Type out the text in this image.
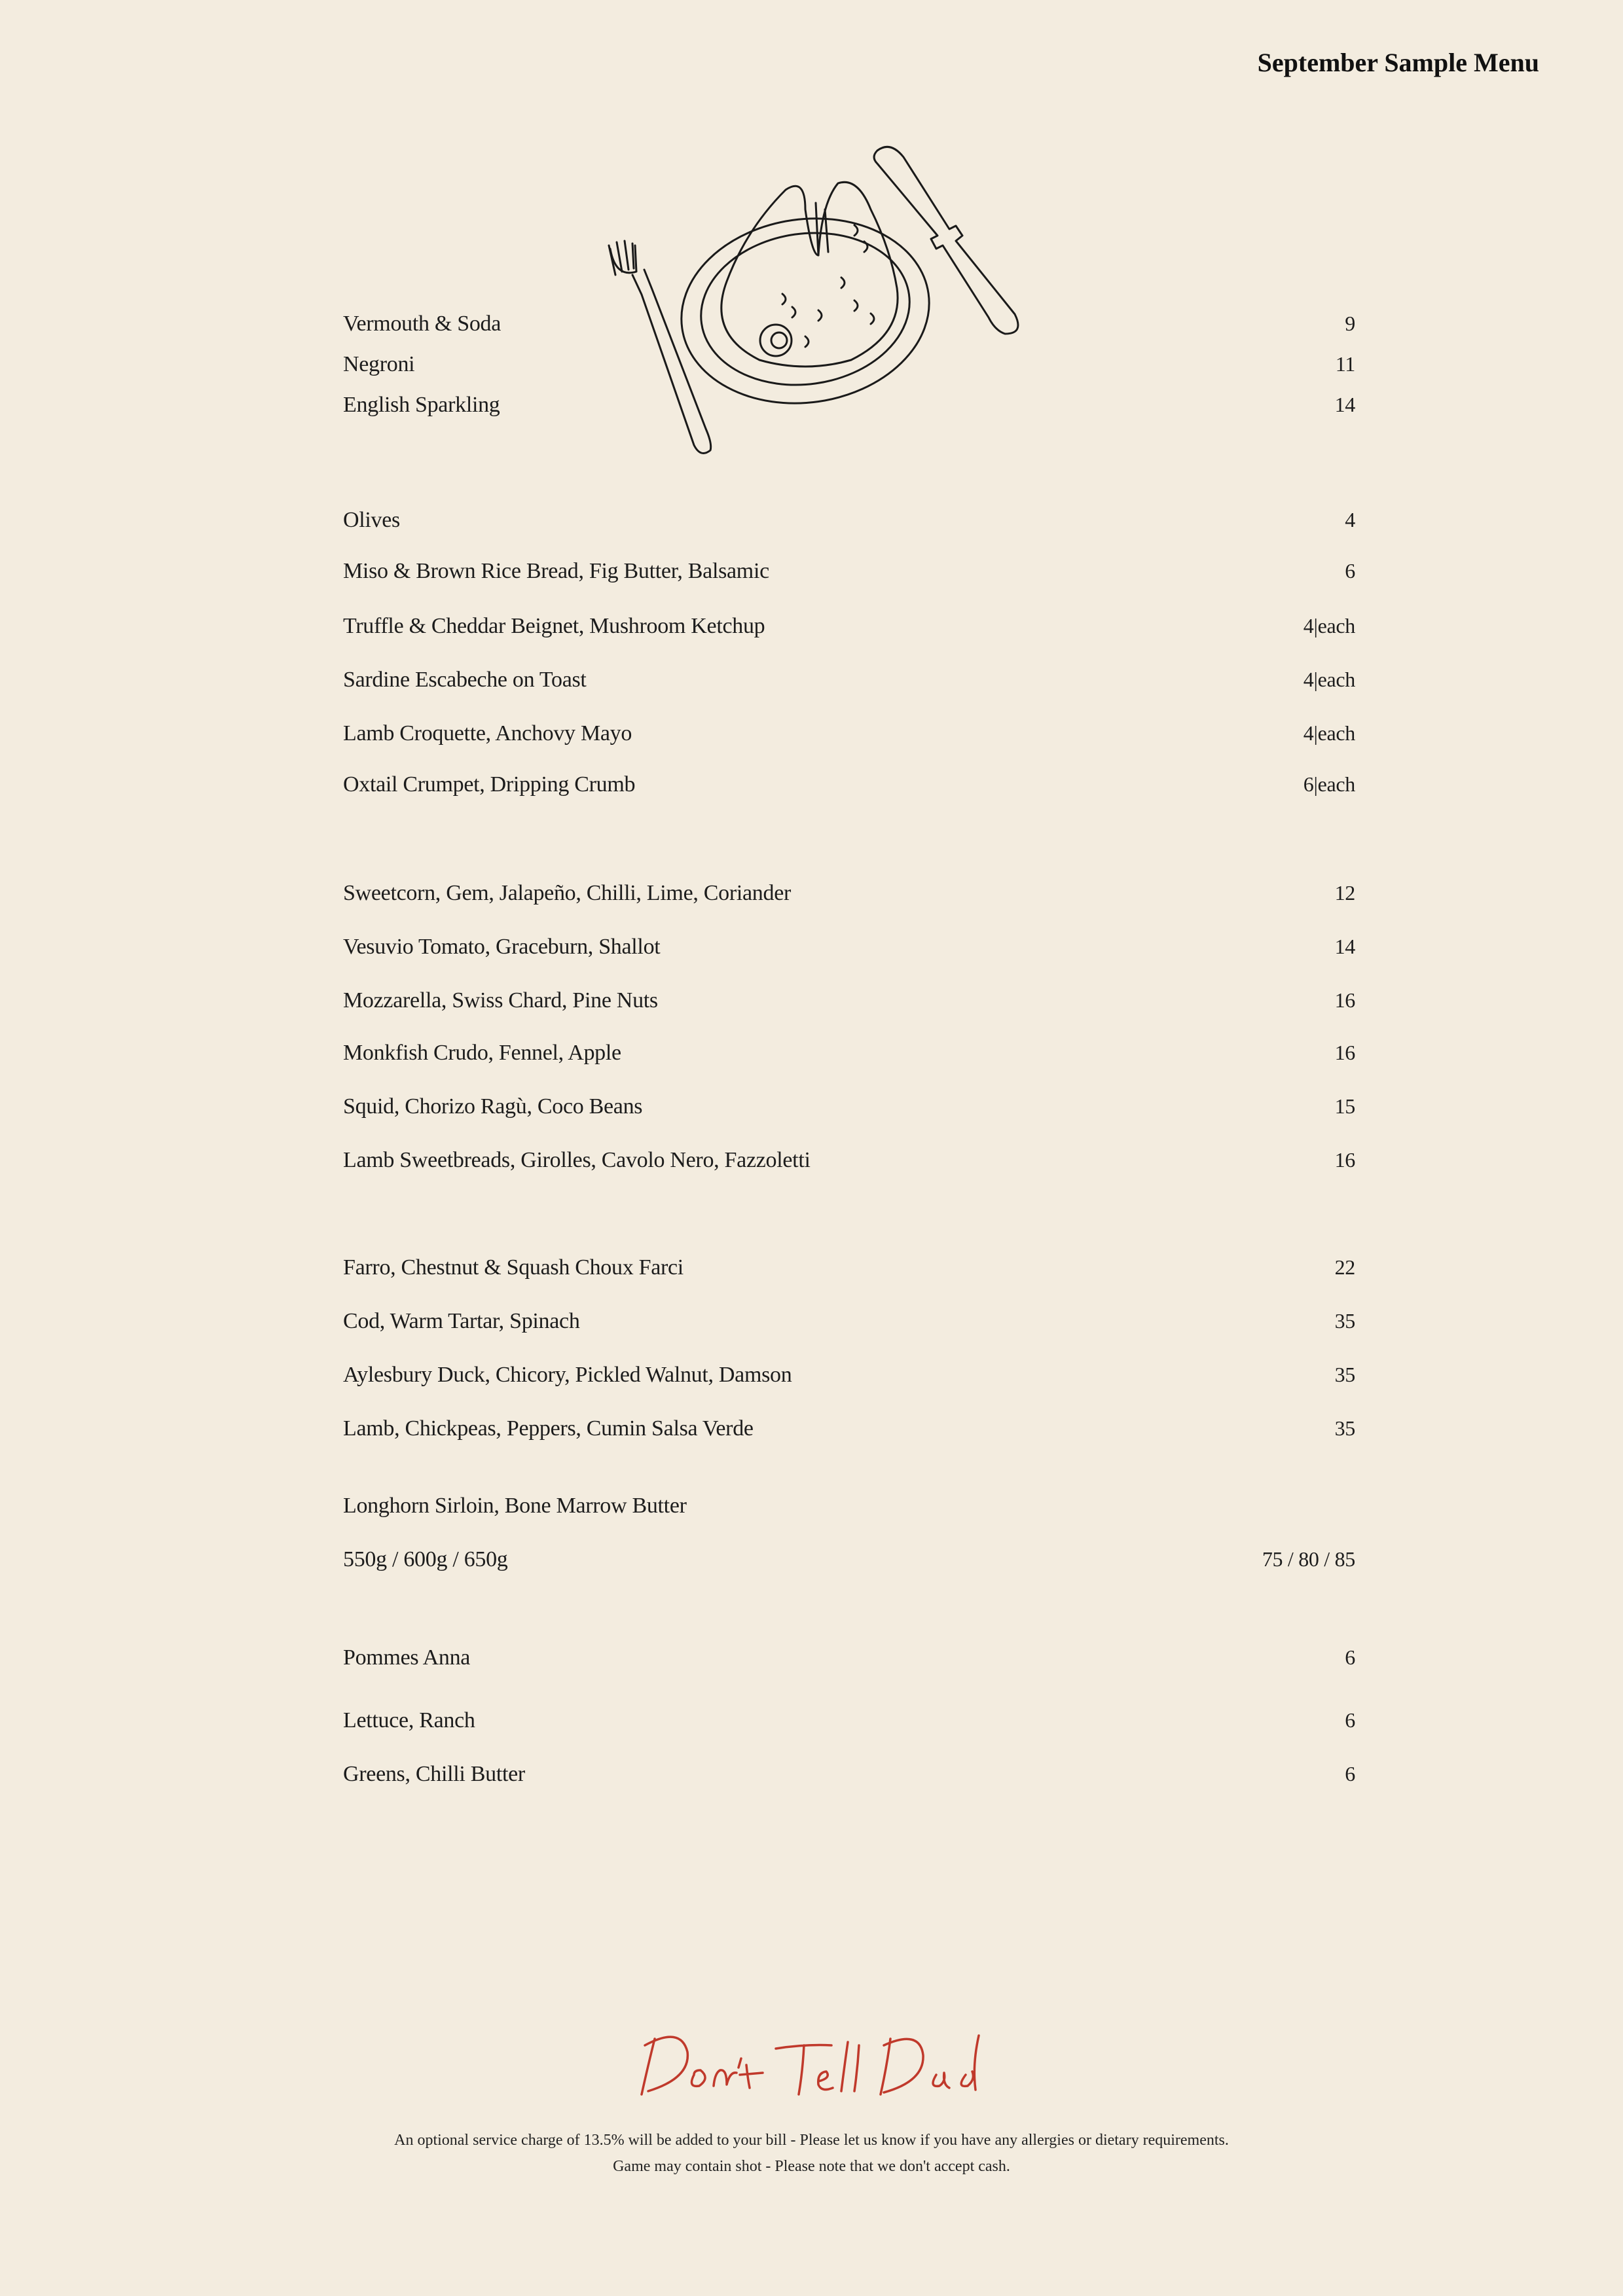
September Sample Menu
Vermouth & Soda	9
Negroni	11
English Sparkling	14
Olives	4
Miso & Brown Rice Bread, Fig Butter, Balsamic	6
Truffle & Cheddar Beignet, Mushroom Ketchup	4|each
Sardine Escabeche on Toast	4|each
Lamb Croquette, Anchovy Mayo	4|each
Oxtail Crumpet, Dripping Crumb	6|each
Sweetcorn, Gem, Jalapeño, Chilli, Lime, Coriander	12
Vesuvio Tomato, Graceburn, Shallot	14
Mozzarella, Swiss Chard, Pine Nuts	16
Monkfish Crudo, Fennel, Apple	16
Squid, Chorizo Ragù, Coco Beans	15
Lamb Sweetbreads, Girolles, Cavolo Nero, Fazzoletti	16
Farro, Chestnut & Squash Choux Farci	22
Cod, Warm Tartar, Spinach	35
Aylesbury Duck, Chicory, Pickled Walnut, Damson	35
Lamb, Chickpeas, Peppers, Cumin Salsa Verde	35
Longhorn Sirloin, Bone Marrow Butter
550g / 600g / 650g	75 / 80 / 85
Pommes Anna	6
Lettuce, Ranch	6
Greens, Chilli Butter	6
An optional service charge of 13.5% will be added to your bill - Please let us know if you have any allergies or dietary requirements.
Game may contain shot - Please note that we don't accept cash.
